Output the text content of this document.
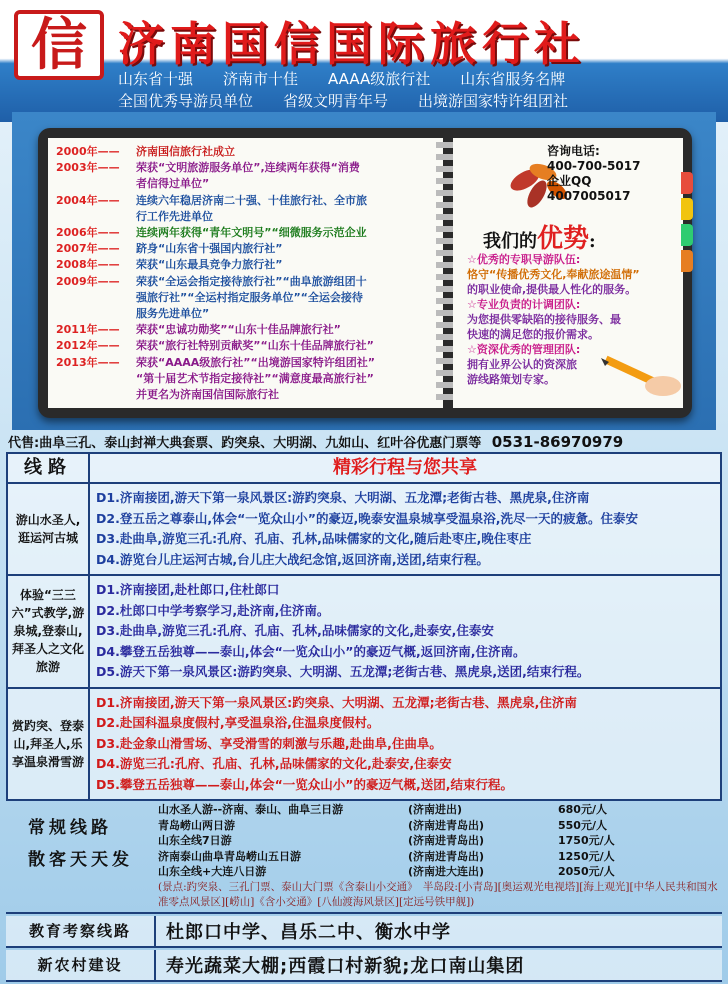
信 济南国信国际旅行社
山东省十强　　济南市十佳　　AAAA级旅行社　　山东省服务名牌
全国优秀导游员单位　　省级文明青年号　　出境游国家特许组团社
2000年——	济南国信旅行社成立
2003年——	荣获“文明旅游服务单位”,连续两年获得“消费
者信得过单位”
2004年——	连续六年稳居济南二十强、十佳旅行社、全市旅
行工作先进单位
2006年——	连续两年获得“青年文明号”“细微服务示范企业
2007年——	跻身“山东省十强国内旅行社”
2008年——	荣获“山东最具竞争力旅行社”
2009年——	荣获“全运会指定接待旅行社”“曲阜旅游组团十
强旅行社”“全运村指定服务单位”“全运会接待
服务先进单位”
2011年——	荣获“忠诚功勋奖”“山东十佳品牌旅行社”
2012年——	荣获“旅行社特别贡献奖”“山东十佳品牌旅行社”
2013年——	荣获“AAAA级旅行社”“出境游国家特许组团社”
“第十届艺术节指定接待社”“满意度最高旅行社”
并更名为济南国信国际旅行社
咨询电话:
400-700-5017
企业QQ
4007005017
我们的优势:
☆优秀的专职导游队伍:
恪守“传播优秀文化,奉献旅途温情”
的职业使命,提供最人性化的服务。
☆专业负责的计调团队:
为您提供零缺陷的接待服务、最
快速的满足您的报价需求。
☆资深优秀的管理团队:
拥有业界公认的资深旅
游线路策划专家。
代售:曲阜三孔、泰山封禅大典套票、趵突泉、大明湖、九如山、红叶谷优惠门票等 0531-86970979
线路	精彩行程与您共享
游山水圣人,逛运河古城
D1.济南接团,游天下第一泉风景区:游趵突泉、大明湖、五龙潭;老街古巷、黑虎泉,住济南
D2.登五岳之尊泰山,体会“一览众山小”的豪迈,晚泰安温泉城享受温泉浴,洗尽一天的疲惫。住泰安
D3.赴曲阜,游览三孔:孔府、孔庙、孔林,品味儒家的文化,随后赴枣庄,晚住枣庄
D4.游览台儿庄运河古城,台儿庄大战纪念馆,返回济南,送团,结束行程。
体验“三三六”式教学,游泉城,登泰山,拜圣人之文化旅游
D1.济南接团,赴杜郎口,住杜郎口
D2.杜郎口中学考察学习,赴济南,住济南。
D3.赴曲阜,游览三孔:孔府、孔庙、孔林,品味儒家的文化,赴泰安,住泰安
D4.攀登五岳独尊——泰山,体会“一览众山小”的豪迈气概,返回济南,住济南。
D5.游天下第一泉风景区:游趵突泉、大明湖、五龙潭;老街古巷、黑虎泉,送团,结束行程。
赏趵突、登泰山,拜圣人,乐享温泉滑雪游
D1.济南接团,游天下第一泉风景区:趵突泉、大明湖、五龙潭;老街古巷、黑虎泉,住济南
D2.赴国科温泉度假村,享受温泉浴,住温泉度假村。
D3.赴金象山滑雪场、享受滑雪的刺激与乐趣,赴曲阜,住曲阜。
D4.游览三孔:孔府、孔庙、孔林,品味儒家的文化,赴泰安,住泰安
D5.攀登五岳独尊——泰山,体会“一览众山小”的豪迈气概,送团,结束行程。
常规线路
散客天天发
山水圣人游--济南、泰山、曲阜三日游	(济南进出)	680元/人
青岛崂山两日游	(济南进青岛出)	550元/人
山东全线7日游	(济南进青岛出)	1750元/人
济南泰山曲阜青岛崂山五日游	(济南进青岛出)	1250元/人
山东全线+大连八日游	(济南进大连出)	2050元/人
(景点:趵突泉、三孔门票、泰山大门票《含泰山小交通》　半岛段:[小青岛][奥运观光电视塔][海上观光][中华人民共和国水准零点风景区][崂山]《含小交通》[八仙渡海风景区][定远号铁甲舰])
教育考察线路	杜郎口中学、昌乐二中、衡水中学
新农村建设	寿光蔬菜大棚;西霞口村新貌;龙口南山集团
